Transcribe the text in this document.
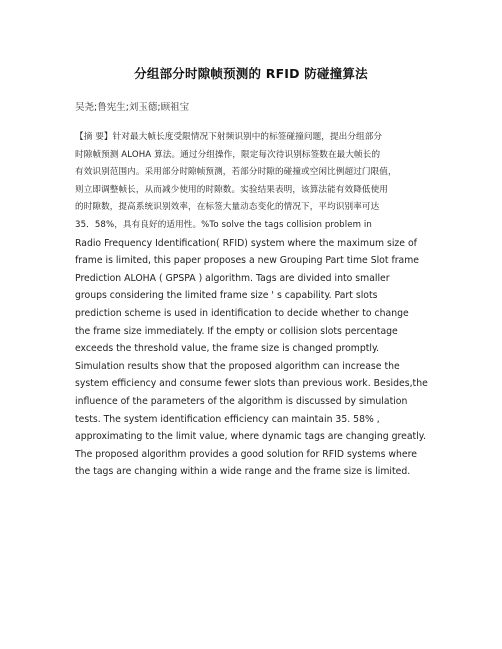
分组部分时隙帧预测的 RFID 防碰撞算法
吴尧;鲁宪生;刘玉德;顾祖宝
【摘 要】针对最大帧长度受限情况下射频识别中的标签碰撞问题，提出分组部分
时隙帧预测 ALOHA 算法。通过分组操作，限定每次待识别标签数在最大帧长的
有效识别范围内。采用部分时隙帧预测，若部分时隙的碰撞或空闲比例超过门限值，
则立即调整帧长，从而减少使用的时隙数。实验结果表明，该算法能有效降低使用
的时隙数，提高系统识别效率，在标签大量动态变化的情况下，平均识别率可达
35．58%，具有良好的适用性。%To solve the tags collision problem in
Radio Frequency Identification( RFID) system where the maximum size of
frame is limited, this paper proposes a new Grouping Part time Slot frame
Prediction ALOHA ( GPSPA ) algorithm. Tags are divided into smaller
groups considering the limited frame size ' s capability. Part slots
prediction scheme is used in identification to decide whether to change
the frame size immediately. If the empty or collision slots percentage
exceeds the threshold value, the frame size is changed promptly.
Simulation results show that the proposed algorithm can increase the
system efficiency and consume fewer slots than previous work. Besides,the
influence of the parameters of the algorithm is discussed by simulation
tests. The system identification efficiency can maintain 35. 58% ,
approximating to the limit value, where dynamic tags are changing greatly.
The proposed algorithm provides a good solution for RFID systems where
the tags are changing within a wide range and the frame size is limited.
